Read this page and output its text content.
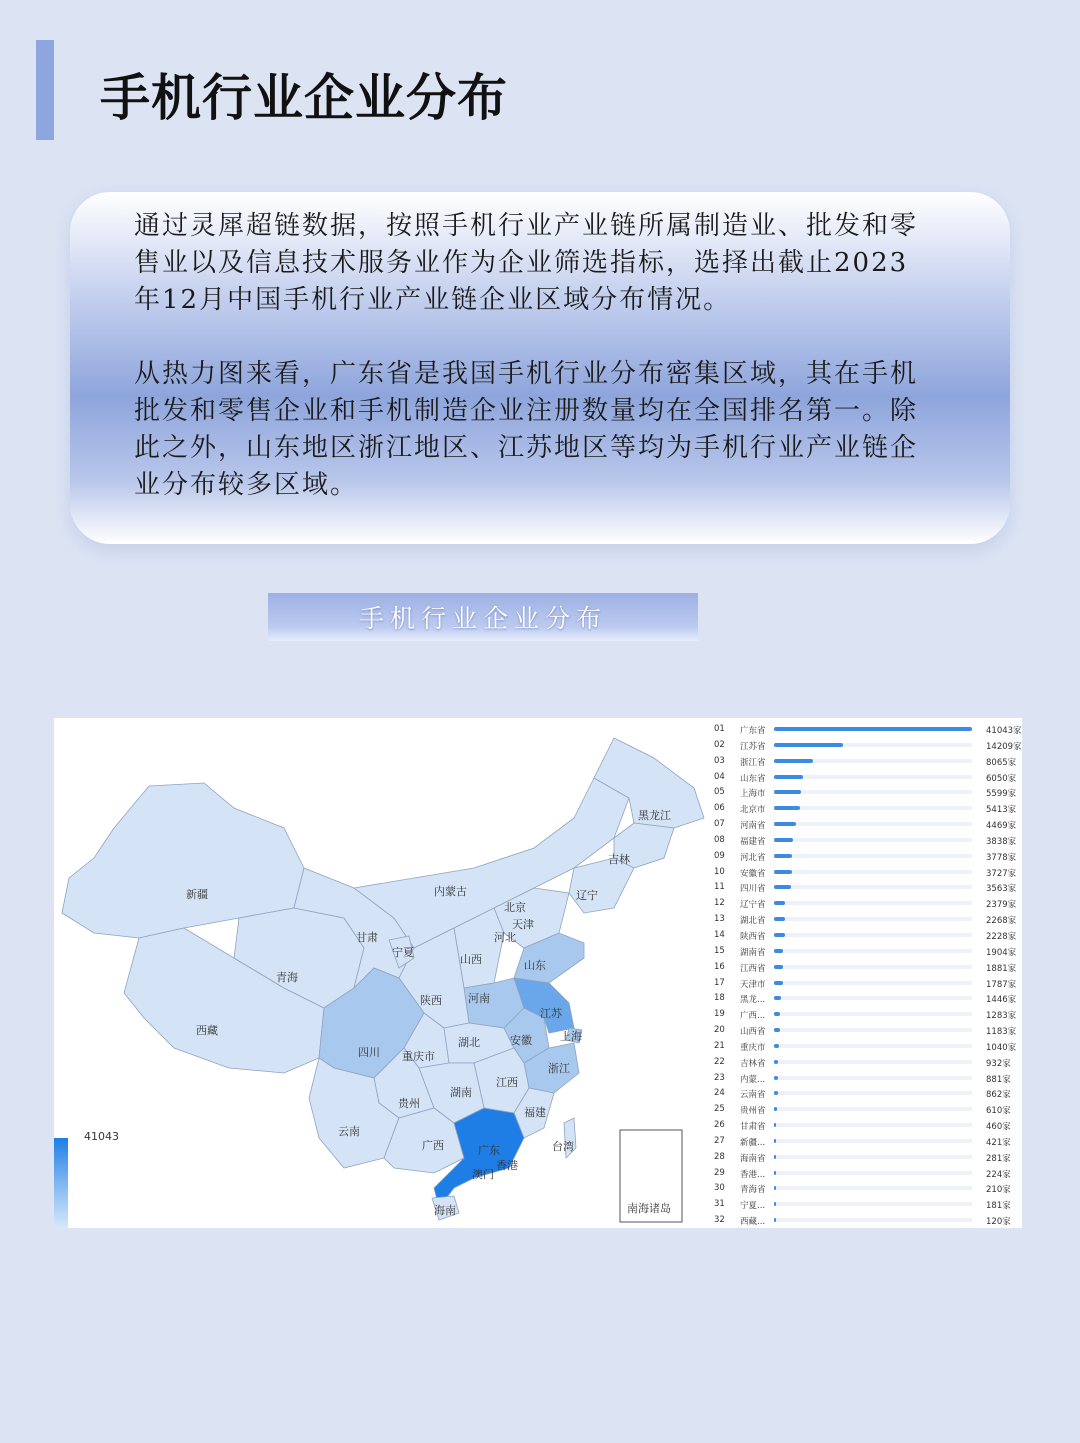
手机行业企业分布

通过灵犀超链数据，按照手机行业产业链所属制造业、批发和零售业以及信息技术服务业作为企业筛选指标，选择出截止2023年12月中国手机行业产业链企业区域分布情况。

从热力图来看，广东省是我国手机行业分布密集区域，其在手机批发和零售企业和手机制造企业注册数量均在全国排名第一。除此之外，山东地区浙江地区、江苏地区等均为手机行业产业链企业分布较多区域。

手机行业企业分布
黑龙江
吉林
辽宁
内蒙古
新疆
甘肃
宁夏
青海
西藏
北京
天津
河北
山西	山东
河南
陕西
四川 重庆市
湖北	安徽
江苏
上海
浙江
湖南
江西
贵州
云南
广西	广东
福建
台湾
香港
澳门
海南	南海诸岛
41043
01	广东省	41043家
02	江苏省	14209家
03	浙江省	8065家
04	山东省	6050家
05	上海市	5599家
06	北京市	5413家
07	河南省	4469家
08	福建省	3838家
09	河北省	3778家
10	安徽省	3727家
11	四川省	3563家
12	辽宁省	2379家
13	湖北省	2268家
14	陕西省	2228家
15	湖南省	1904家
16	江西省	1881家
17	天津市	1787家
18	黑龙...	1446家
19	广西...	1283家
20	山西省	1183家
21	重庆市	1040家
22	吉林省	932家
23	内蒙...	881家
24	云南省	862家
25	贵州省	610家
26	甘肃省	460家
27	新疆...	421家
28	海南省	281家
29	香港...	224家
30	青海省	210家
31	宁夏...	181家
32	西藏...	120家
